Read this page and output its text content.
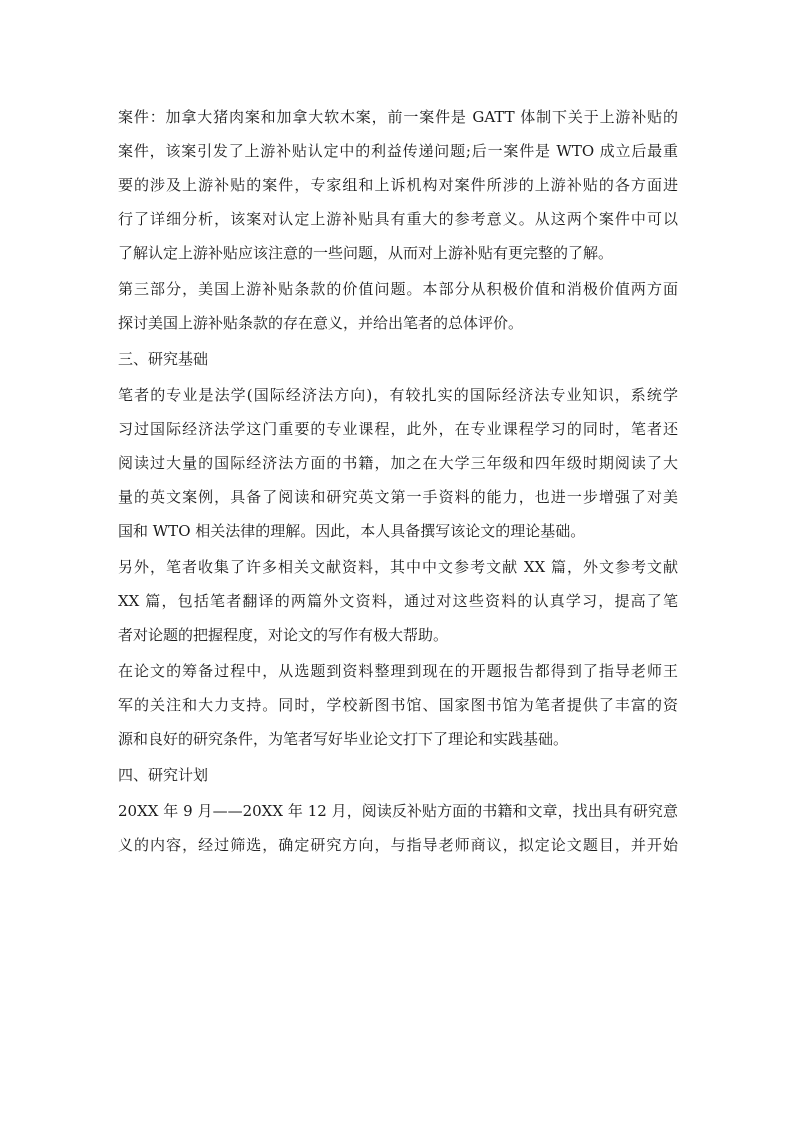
案件：加拿大猪肉案和加拿大软木案，前一案件是 GATT 体制下关于上游补贴的
案件，该案引发了上游补贴认定中的利益传递问题;后一案件是 WTO 成立后最重
要的涉及上游补贴的案件，专家组和上诉机构对案件所涉的上游补贴的各方面进
行了详细分析，该案对认定上游补贴具有重大的参考意义。从这两个案件中可以
了解认定上游补贴应该注意的一些问题，从而对上游补贴有更完整的了解。
第三部分，美国上游补贴条款的价值问题。本部分从积极价值和消极价值两方面
探讨美国上游补贴条款的存在意义，并给出笔者的总体评价。
三、研究基础
笔者的专业是法学(国际经济法方向)，有较扎实的国际经济法专业知识，系统学
习过国际经济法学这门重要的专业课程，此外，在专业课程学习的同时，笔者还
阅读过大量的国际经济法方面的书籍，加之在大学三年级和四年级时期阅读了大
量的英文案例，具备了阅读和研究英文第一手资料的能力，也进一步增强了对美
国和 WTO 相关法律的理解。因此，本人具备撰写该论文的理论基础。
另外，笔者收集了许多相关文献资料，其中中文参考文献 XX 篇，外文参考文献
XX 篇，包括笔者翻译的两篇外文资料，通过对这些资料的认真学习，提高了笔
者对论题的把握程度，对论文的写作有极大帮助。
在论文的筹备过程中，从选题到资料整理到现在的开题报告都得到了指导老师王
军的关注和大力支持。同时，学校新图书馆、国家图书馆为笔者提供了丰富的资
源和良好的研究条件，为笔者写好毕业论文打下了理论和实践基础。
四、研究计划
20XX 年 9 月——20XX 年 12 月，阅读反补贴方面的书籍和文章，找出具有研究意
义的内容，经过筛选，确定研究方向，与指导老师商议，拟定论文题目，并开始
